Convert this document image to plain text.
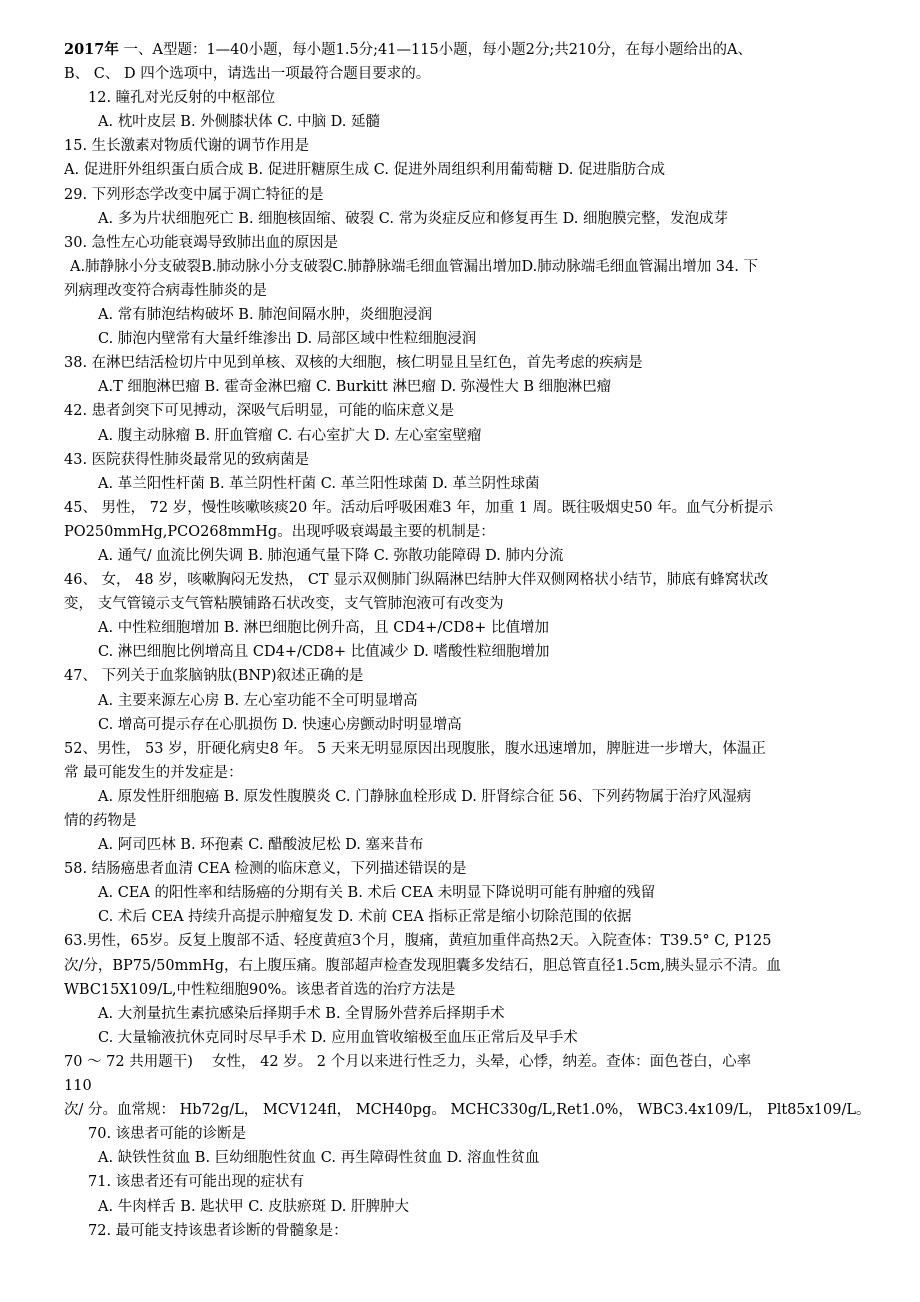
2017年 一、A型题：1—40小题，每小题1.5分;41—115小题，每小题2分;共210分，在每小题给出的A、
B、 C、 D 四个选项中，请选出一项最符合题目要求的。
12. 瞳孔对光反射的中枢部位
A. 枕叶皮层 B. 外侧膝状体 C. 中脑 D. 延髓
15. 生长激素对物质代谢的调节作用是
A. 促进肝外组织蛋白质合成 B. 促进肝糖原生成 C. 促进外周组织利用葡萄糖 D. 促进脂肪合成
29. 下列形态学改变中属于凋亡特征的是
A. 多为片状细胞死亡 B. 细胞核固缩、破裂 C. 常为炎症反应和修复再生 D. 细胞膜完整，发泡成芽
30. 急性左心功能衰竭导致肺出血的原因是
A.肺静脉小分支破裂B.肺动脉小分支破裂C.肺静脉端毛细血管漏出增加D.肺动脉端毛细血管漏出增加 34. 下
列病理改变符合病毒性肺炎的是
A. 常有肺泡结构破坏 B. 肺泡间隔水肿，炎细胞浸润
C. 肺泡内壁常有大量纤维渗出 D. 局部区域中性粒细胞浸润
38. 在淋巴结活检切片中见到单核、双核的大细胞，核仁明显且呈红色，首先考虑的疾病是
A.T 细胞淋巴瘤 B. 霍奇金淋巴瘤 C. Burkitt 淋巴瘤 D. 弥漫性大 B 细胞淋巴瘤
42. 患者剑突下可见搏动，深吸气后明显，可能的临床意义是
A. 腹主动脉瘤 B. 肝血管瘤 C. 右心室扩大 D. 左心室室壁瘤
43. 医院获得性肺炎最常见的致病菌是
A. 革兰阳性杆菌 B. 革兰阴性杆菌 C. 革兰阳性球菌 D. 革兰阴性球菌
45、 男性， 72 岁，慢性咳嗽咳痰20 年。活动后呼吸困难3 年，加重 1 周。既往吸烟史50 年。血气分析提示
PO250mmHg,PCO268mmHg。出现呼吸衰竭最主要的机制是：
A. 通气/ 血流比例失调 B. 肺泡通气量下降 C. 弥散功能障碍 D. 肺内分流
46、 女， 48 岁，咳嗽胸闷无发热， CT 显示双侧肺门纵隔淋巴结肿大伴双侧网格状小结节，肺底有蜂窝状改
变， 支气管镜示支气管粘膜铺路石状改变，支气管肺泡液可有改变为
A. 中性粒细胞增加 B. 淋巴细胞比例升高，且 CD4+/CD8+ 比值增加
C. 淋巴细胞比例增高且 CD4+/CD8+ 比值减少 D. 嗜酸性粒细胞增加
47、 下列关于血浆脑钠肽(BNP)叙述正确的是
A. 主要来源左心房 B. 左心室功能不全可明显增高
C. 增高可提示存在心肌损伤 D. 快速心房颤动时明显增高
52、男性， 53 岁，肝硬化病史8 年。 5 天来无明显原因出现腹胀，腹水迅速增加，脾脏进一步增大，体温正
常 最可能发生的并发症是：
A. 原发性肝细胞癌 B. 原发性腹膜炎 C. 门静脉血栓形成 D. 肝肾综合征 56、下列药物属于治疗风湿病
情的药物是
A. 阿司匹林 B. 环孢素 C. 醋酸波尼松 D. 塞来昔布
58. 结肠癌患者血清 CEA 检测的临床意义，下列描述错误的是
A. CEA 的阳性率和结肠癌的分期有关 B. 术后 CEA 未明显下降说明可能有肿瘤的残留
C. 术后 CEA 持续升高提示肿瘤复发 D. 术前 CEA 指标正常是缩小切除范围的依据
63.男性，65岁。反复上腹部不适、轻度黄疸3个月，腹痛，黄疸加重伴高热2天。入院查体：T39.5° C, P125
次/分，BP75/50mmHg，右上腹压痛。腹部超声检查发现胆囊多发结石，胆总管直径1.5cm,胰头显示不清。血
WBC15X109/L,中性粒细胞90%。该患者首选的治疗方法是
A. 大剂量抗生素抗感染后择期手术 B. 全胃肠外营养后择期手术
C. 大量输液抗休克同时尽早手术 D. 应用血管收缩极至血压正常后及早手术
70 ～ 72 共用题干)　 女性， 42 岁。 2 个月以来进行性乏力，头晕，心悸，纳差。查体：面色苍白，心率
110
次/ 分。血常规： Hb72g/L， MCV124fl， MCH40pg。 MCHC330g/L,Ret1.0%， WBC3.4x109/L， Plt85x109/L。
70. 该患者可能的诊断是
A. 缺铁性贫血 B. 巨幼细胞性贫血 C. 再生障碍性贫血 D. 溶血性贫血
71. 该患者还有可能出现的症状有
A. 牛肉样舌 B. 匙状甲 C. 皮肤瘀斑 D. 肝脾肿大
72. 最可能支持该患者诊断的骨髓象是：
